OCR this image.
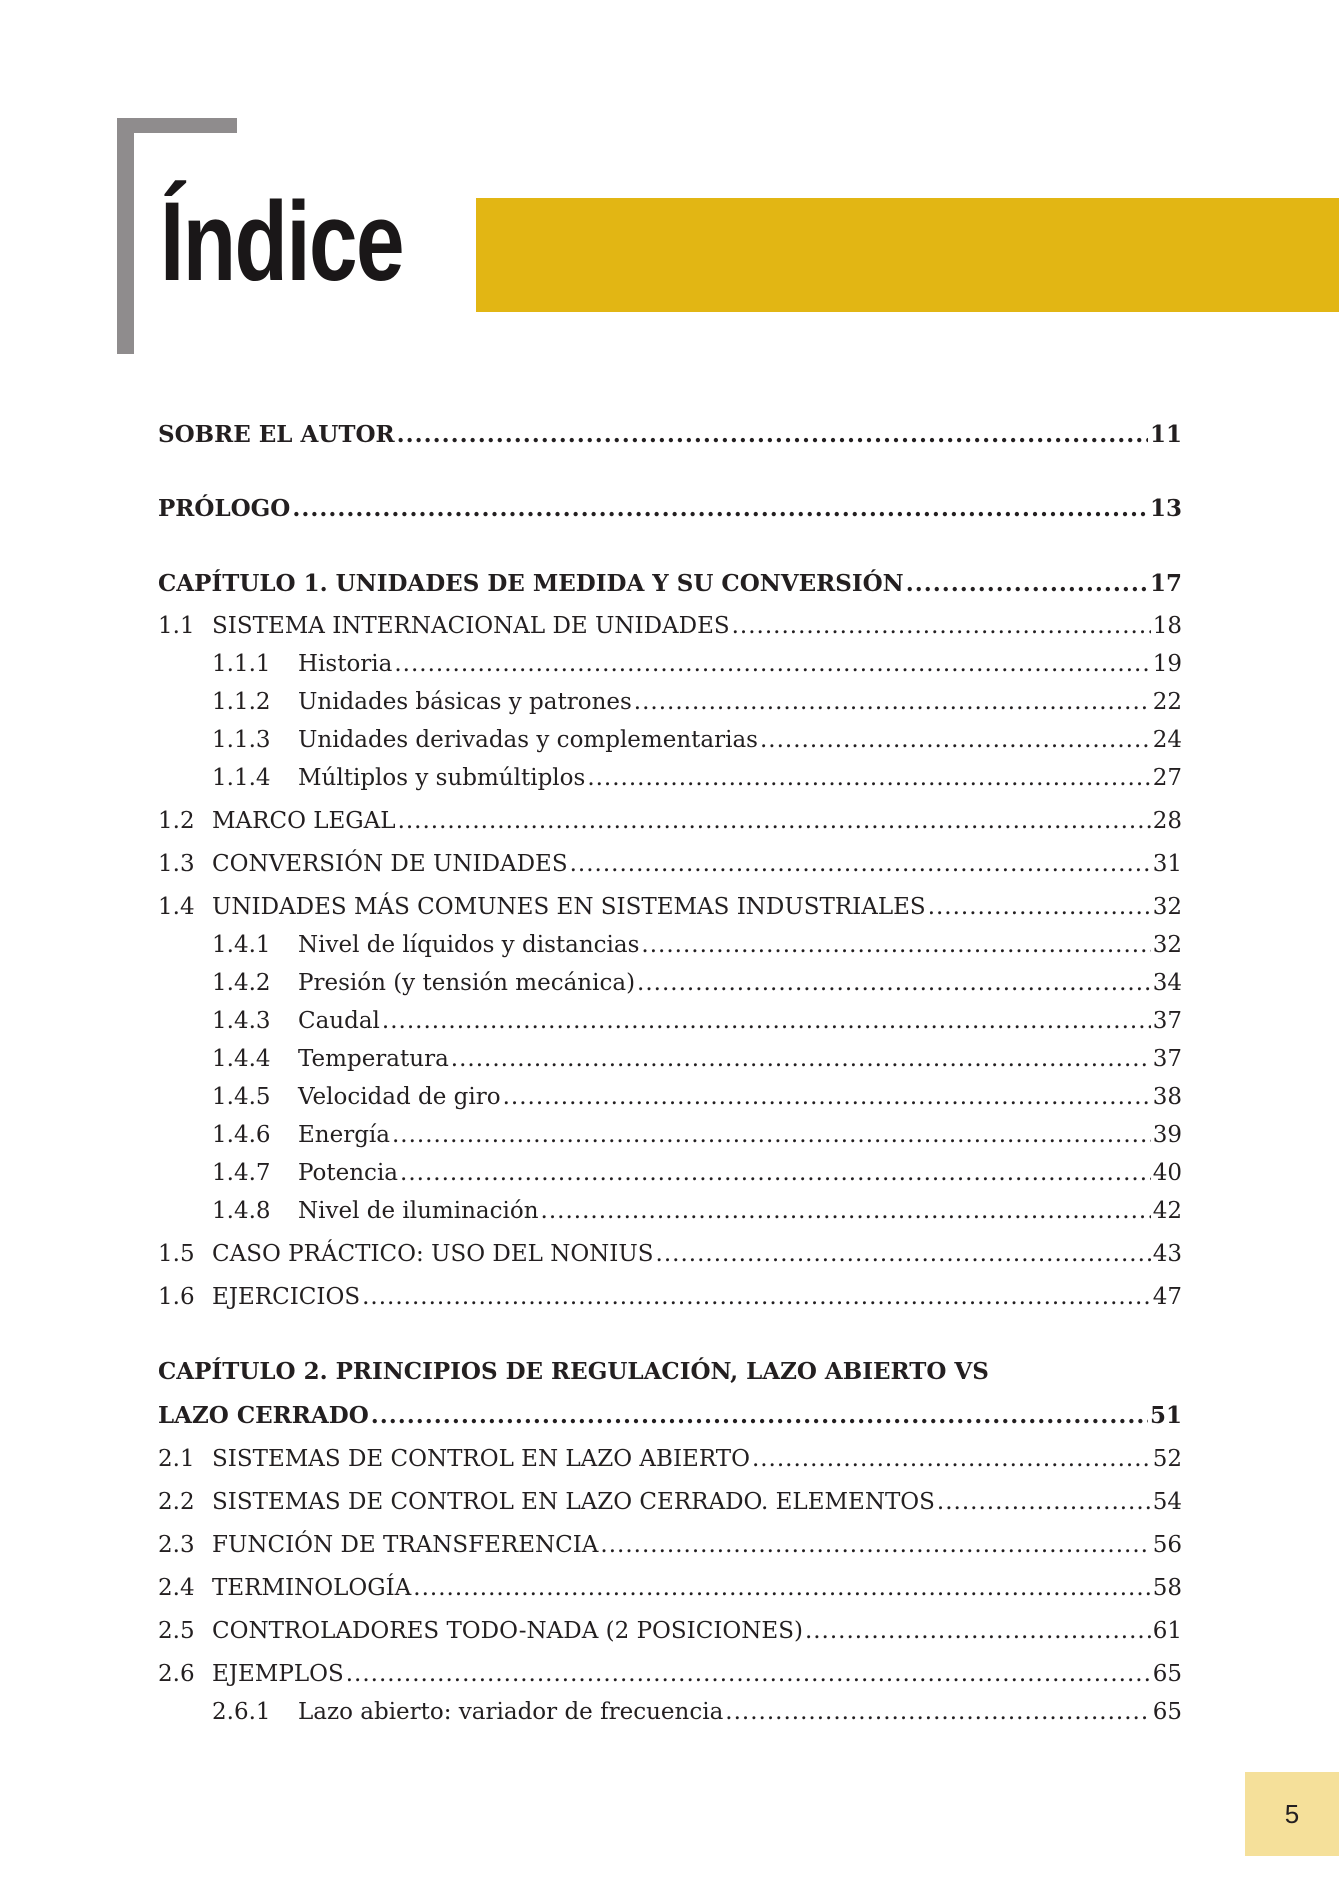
Índice
SOBRE EL AUTOR .....	11
PRÓLOGO .....	13
CAPÍTULO 1. UNIDADES DE MEDIDA Y SU CONVERSIÓN .....	17
1.1 SISTEMA INTERNACIONAL DE UNIDADES .....	18
1.1.1	Historia .....	19
1.1.2	Unidades básicas y patrones .....	22
1.1.3	Unidades derivadas y complementarias .....	24
1.1.4	Múltiplos y submúltiplos .....	27
1.2 MARCO LEGAL .....	28
1.3 CONVERSIÓN DE UNIDADES .....	31
1.4 UNIDADES MÁS COMUNES EN SISTEMAS INDUSTRIALES .....	32
1.4.1	Nivel de líquidos y distancias .....	32
1.4.2	Presión (y tensión mecánica) .....	34
1.4.3	Caudal .....	37
1.4.4	Temperatura .....	37
1.4.5	Velocidad de giro .....	38
1.4.6	Energía .....	39
1.4.7	Potencia .....	40
1.4.8	Nivel de iluminación .....	42
1.5 CASO PRÁCTICO: USO DEL NONIUS .....	43
1.6 EJERCICIOS .....	47
CAPÍTULO 2. PRINCIPIOS DE REGULACIÓN, LAZO ABIERTO VS
LAZO CERRADO .....	51
2.1 SISTEMAS DE CONTROL EN LAZO ABIERTO .....	52
2.2 SISTEMAS DE CONTROL EN LAZO CERRADO. ELEMENTOS .....	54
2.3 FUNCIÓN DE TRANSFERENCIA .....	56
2.4 TERMINOLOGÍA .....	58
2.5 CONTROLADORES TODO-NADA (2 POSICIONES) .....	61
2.6 EJEMPLOS .....	65
2.6.1	Lazo abierto: variador de frecuencia .....	65
5
